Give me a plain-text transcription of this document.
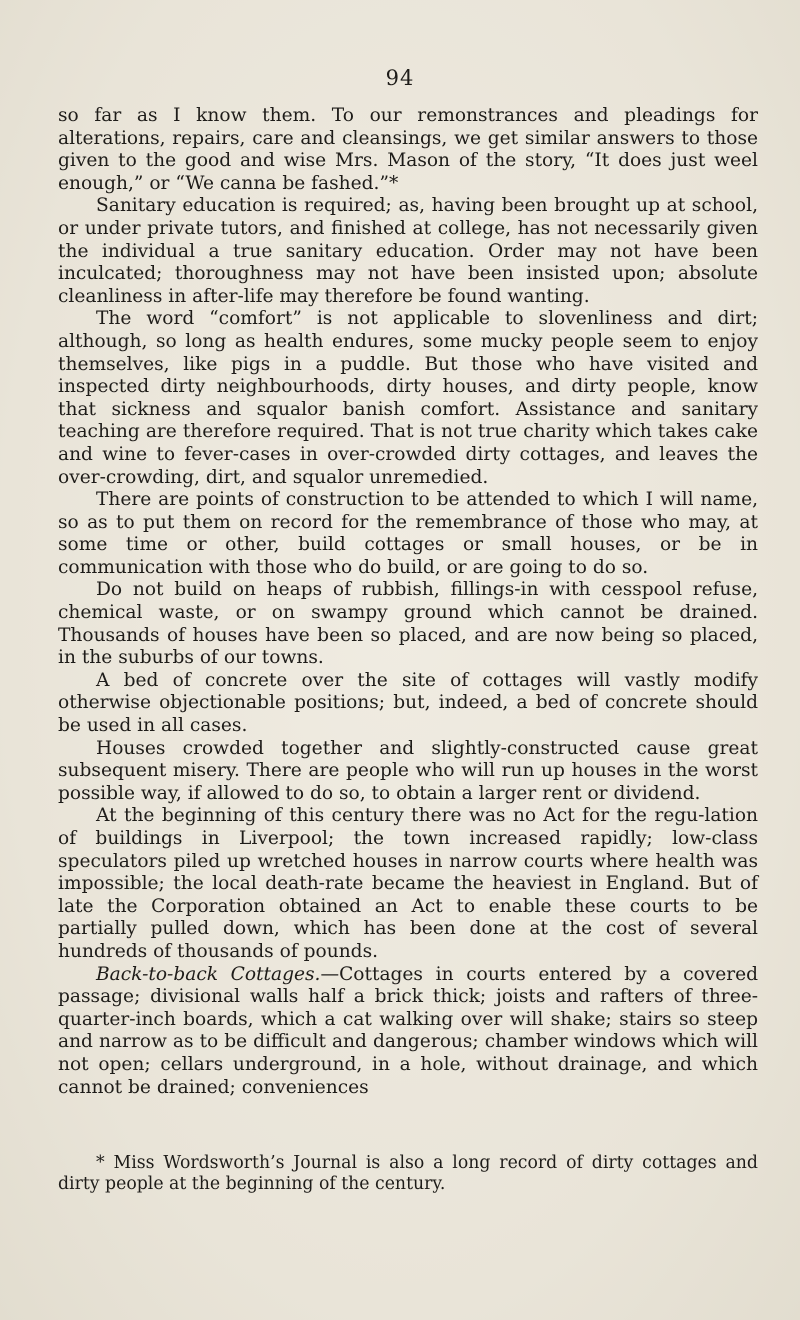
94

so far as I know them. To our remonstrances and pleadings for alterations, repairs, care and cleansings, we get similar answers to those given to the good and wise Mrs. Mason of the story, “It does just weel enough,” or “We canna be fashed.”*

Sanitary education is required; as, having been brought up at school, or under private tutors, and finished at college, has not necessarily given the individual a true sanitary education. Order may not have been inculcated; thoroughness may not have been insisted upon; absolute cleanliness in after-life may therefore be found wanting.

The word “comfort” is not applicable to slovenliness and dirt; although, so long as health endures, some mucky people seem to enjoy themselves, like pigs in a puddle. But those who have visited and inspected dirty neighbourhoods, dirty houses, and dirty people, know that sickness and squalor banish comfort. Assistance and sanitary teaching are therefore required. That is not true charity which takes cake and wine to fever-cases in over-crowded dirty cottages, and leaves the over-crowding, dirt, and squalor unremedied.

There are points of construction to be attended to which I will name, so as to put them on record for the remembrance of those who may, at some time or other, build cottages or small houses, or be in communication with those who do build, or are going to do so.

Do not build on heaps of rubbish, fillings-in with cesspool refuse, chemical waste, or on swampy ground which cannot be drained. Thousands of houses have been so placed, and are now being so placed, in the suburbs of our towns.

A bed of concrete over the site of cottages will vastly modify otherwise objectionable positions; but, indeed, a bed of concrete should be used in all cases.

Houses crowded together and slightly-constructed cause great subsequent misery. There are people who will run up houses in the worst possible way, if allowed to do so, to obtain a larger rent or dividend.

At the beginning of this century there was no Act for the regu-lation of buildings in Liverpool; the town increased rapidly; low-class speculators piled up wretched houses in narrow courts where health was impossible; the local death-rate became the heaviest in England. But of late the Corporation obtained an Act to enable these courts to be partially pulled down, which has been done at the cost of several hundreds of thousands of pounds.

Back-to-back Cottages.—Cottages in courts entered by a covered passage; divisional walls half a brick thick; joists and rafters of three-quarter-inch boards, which a cat walking over will shake; stairs so steep and narrow as to be difficult and dangerous; chamber windows which will not open; cellars underground, in a hole, without drainage, and which cannot be drained; conveniences

* Miss Wordsworth’s Journal is also a long record of dirty cottages and dirty people at the beginning of the century.
